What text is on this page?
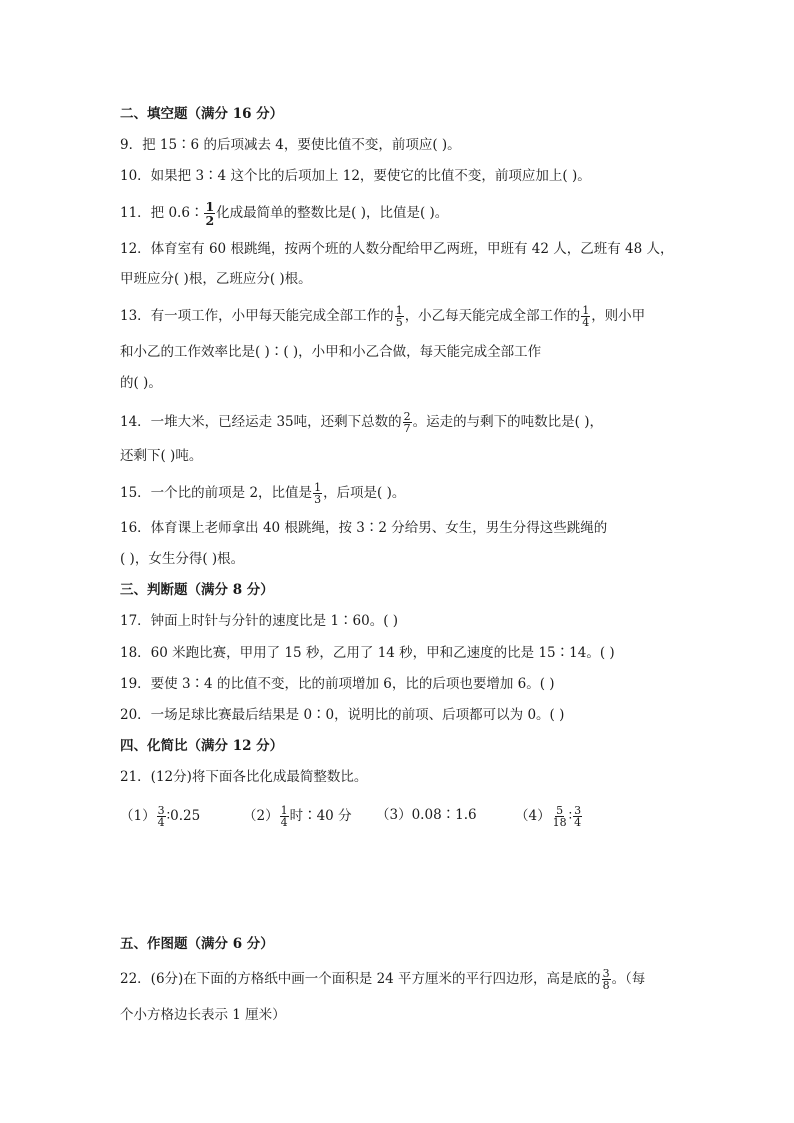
二、填空题（满分 16 分）
9．把 15∶6 的后项减去 4，要使比值不变，前项应( )。
10．如果把 3∶4 这个比的后项加上 12，要使它的比值不变，前项应加上( )。
11．把 0.6∶ $\frac{1}{2}$ 化成最简单的整数比是( )，比值是( )。
12．体育室有 60 根跳绳，按两个班的人数分配给甲乙两班，甲班有 42 人，乙班有 48 人，
甲班应分( )根，乙班应分( )根。
13．有一项工作，小甲每天能完成全部工作的 $\frac{1}{5}$ ，小乙每天能完成全部工作的 $\frac{1}{4}$ ，则小甲
和小乙的工作效率比是( )∶( )，小甲和小乙合做，每天能完成全部工作
的( )。
14．一堆大米，已经运走 35吨，还剩下总数的 $\frac{2}{7}$ 。运走的与剩下的吨数比是( )，
还剩下( )吨。
15．一个比的前项是 2，比值是 $\frac{1}{3}$ ，后项是( )。
16．体育课上老师拿出 40 根跳绳，按 3∶2 分给男、女生，男生分得这些跳绳的
( )，女生分得( )根。
三、判断题（满分 8 分）
17．钟面上时针与分针的速度比是 1∶60。( )
18．60 米跑比赛，甲用了 15 秒，乙用了 14 秒，甲和乙速度的比是 15∶14。( )
19．要使 3∶4 的比值不变，比的前项增加 6，比的后项也要增加 6。( )
20．一场足球比赛最后结果是 0∶0，说明比的前项、后项都可以为 0。( )
四、化简比（满分 12 分）
21．(12分)将下面各比化成最简整数比。
$(1) \frac{3}{4}$ ∶0.25	$(2) \frac{1}{4}$ 时∶40 分 （3）0.08∶1.6	$(4) \frac{5}{18}$ ∶ $\frac{3}{4}$
五、作图题（满分 6 分）
22．(6分)在下面的方格纸中画一个面积是 24 平方厘米的平行四边形，高是底的 $\frac{3}{8}$ 。（每
个小方格边长表示 1 厘米）
